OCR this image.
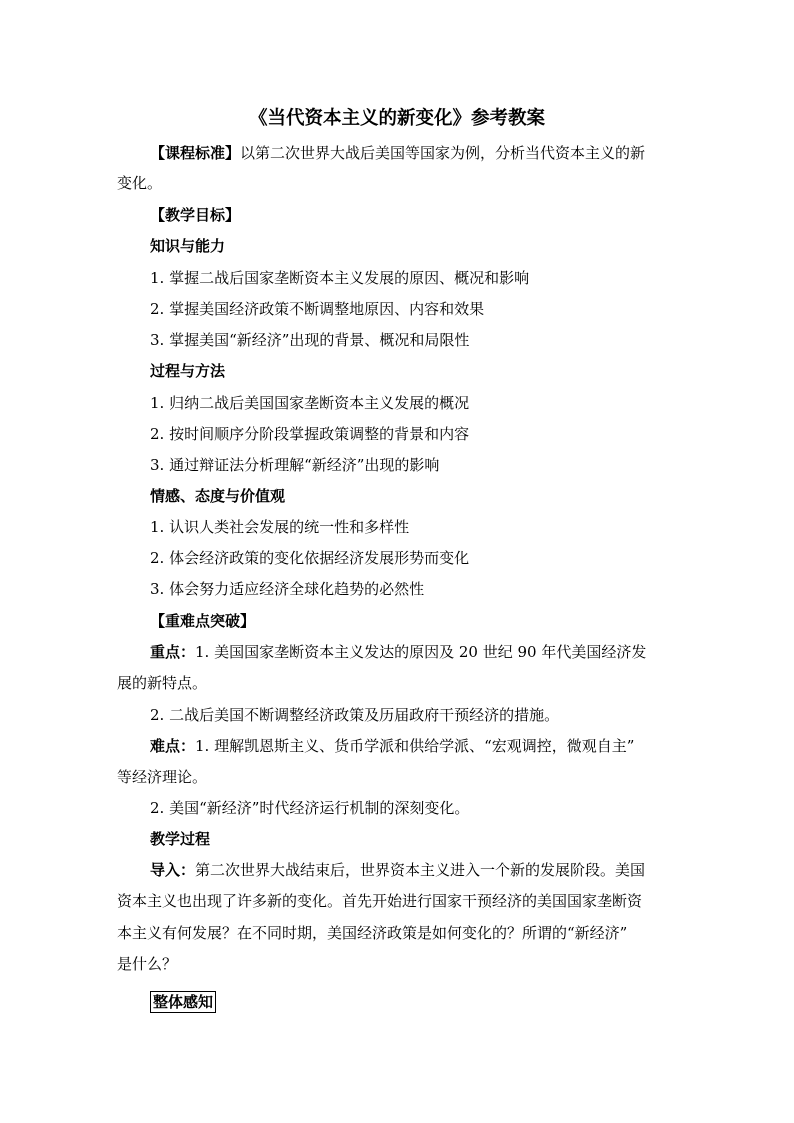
《当代资本主义的新变化》参考教案
【课程标准】以第二次世界大战后美国等国家为例，分析当代资本主义的新
变化。
【教学目标】
知识与能力
1. 掌握二战后国家垄断资本主义发展的原因、概况和影响
2. 掌握美国经济政策不断调整地原因、内容和效果
3. 掌握美国“新经济”出现的背景、概况和局限性
过程与方法
1. 归纳二战后美国国家垄断资本主义发展的概况
2. 按时间顺序分阶段掌握政策调整的背景和内容
3. 通过辩证法分析理解“新经济”出现的影响
情感、态度与价值观
1. 认识人类社会发展的统一性和多样性
2. 体会经济政策的变化依据经济发展形势而变化
3. 体会努力适应经济全球化趋势的必然性
【重难点突破】
重点：1. 美国国家垄断资本主义发达的原因及 20 世纪 90 年代美国经济发
展的新特点。
2. 二战后美国不断调整经济政策及历届政府干预经济的措施。
难点：1. 理解凯恩斯主义、货币学派和供给学派、“宏观调控，微观自主”
等经济理论。
2. 美国“新经济”时代经济运行机制的深刻变化。
教学过程
导入：第二次世界大战结束后，世界资本主义进入一个新的发展阶段。美国
资本主义也出现了许多新的变化。首先开始进行国家干预经济的美国国家垄断资
本主义有何发展？在不同时期，美国经济政策是如何变化的？所谓的“新经济”
是什么？
整体感知
